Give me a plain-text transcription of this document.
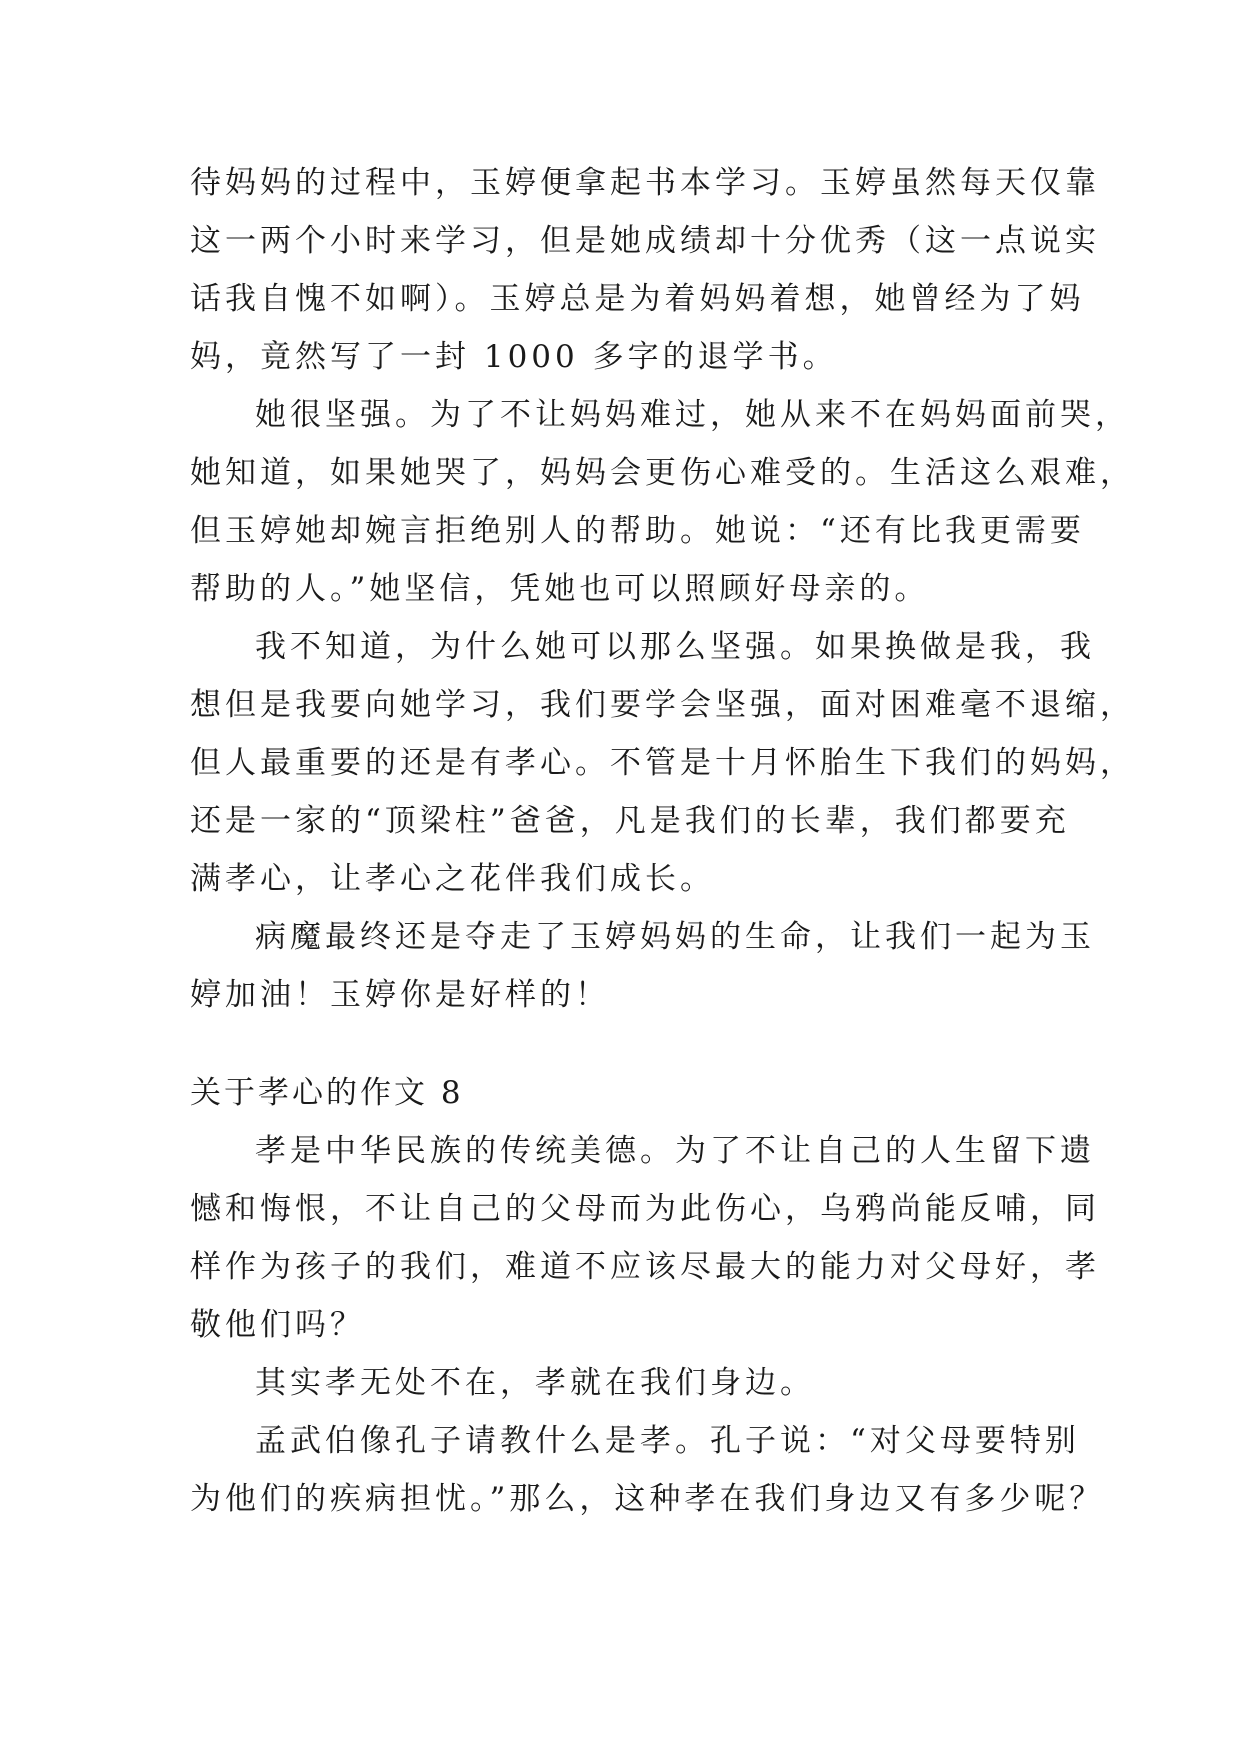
待妈妈的过程中，玉婷便拿起书本学习。玉婷虽然每天仅靠
这一两个小时来学习，但是她成绩却十分优秀（这一点说实
话我自愧不如啊）。玉婷总是为着妈妈着想，她曾经为了妈
妈，竟然写了一封 1000 多字的退学书。
她很坚强。为了不让妈妈难过，她从来不在妈妈面前哭，
她知道，如果她哭了，妈妈会更伤心难受的。生活这么艰难，
但玉婷她却婉言拒绝别人的帮助。她说：“还有比我更需要
帮助的人。”她坚信，凭她也可以照顾好母亲的。
我不知道，为什么她可以那么坚强。如果换做是我，我
想但是我要向她学习，我们要学会坚强，面对困难毫不退缩，
但人最重要的还是有孝心。不管是十月怀胎生下我们的妈妈，
还是一家的“顶梁柱”爸爸，凡是我们的长辈，我们都要充
满孝心，让孝心之花伴我们成长。
病魔最终还是夺走了玉婷妈妈的生命，让我们一起为玉
婷加油！玉婷你是好样的！
关于孝心的作文 8
孝是中华民族的传统美德。为了不让自己的人生留下遗
憾和悔恨，不让自己的父母而为此伤心，乌鸦尚能反哺，同
样作为孩子的我们，难道不应该尽最大的能力对父母好，孝
敬他们吗？
其实孝无处不在，孝就在我们身边。
孟武伯像孔子请教什么是孝。孔子说：“对父母要特别
为他们的疾病担忧。”那么，这种孝在我们身边又有多少呢？
